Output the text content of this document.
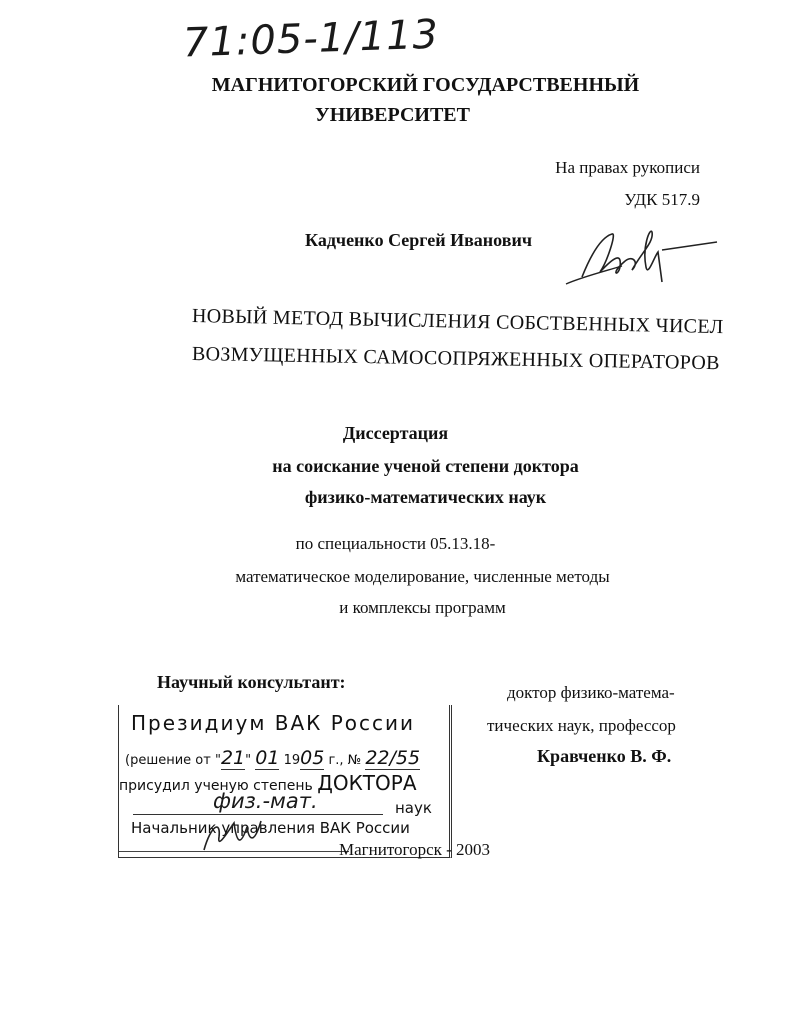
71:05-1/113
МАГНИТОГОРСКИЙ ГОСУДАРСТВЕННЫЙ
УНИВЕРСИТЕТ
На правах рукописи
УДК 517.9
Кадченко Сергей Иванович
НОВЫЙ МЕТОД ВЫЧИСЛЕНИЯ СОБСТВЕННЫХ ЧИСЕЛ
ВОЗМУЩЕННЫХ САМОСОПРЯЖЕННЫХ ОПЕРАТОРОВ
Диссертация
на соискание ученой степени доктора
физико-математических наук
по специальности 05.13.18-
математическое моделирование, численные методы
и комплексы программ
Научный консультант:
доктор физико-матема-
тических наук, профессор
Кравченко В. Ф.
Президиум ВАК России
(решение от "21" 01 1905 г., № 22/55
присудил ученую степень ДОКТОРА
физ.-мат.	наук
Начальник управления ВАК России
Магнитогорск - 2003
